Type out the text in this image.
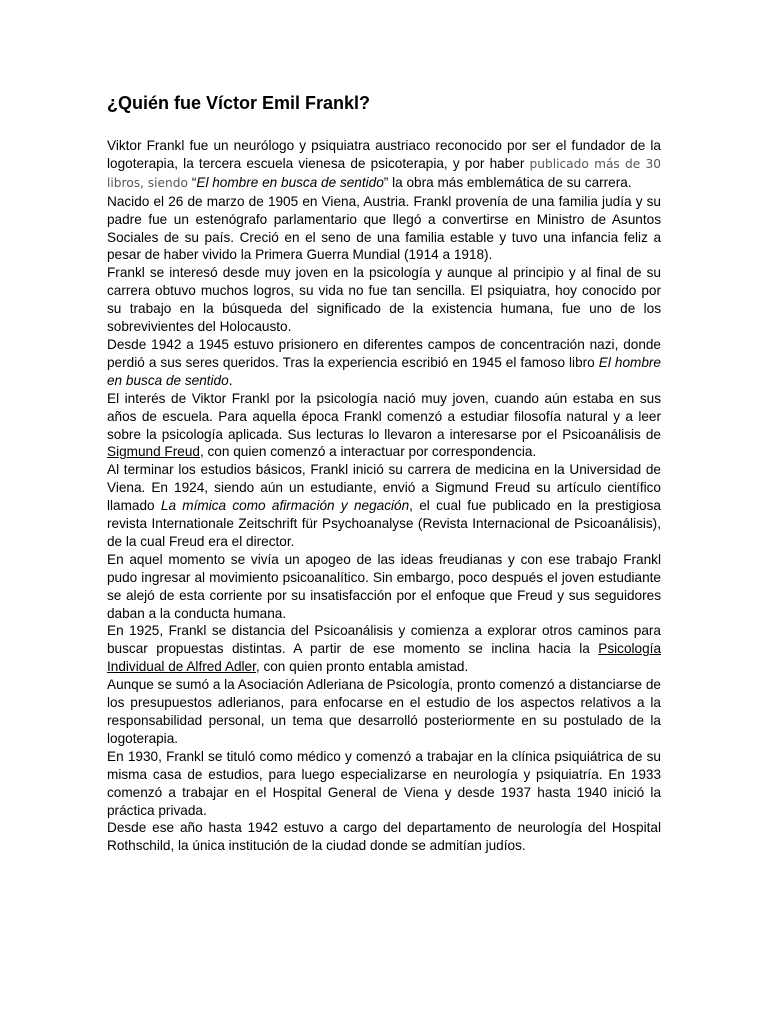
¿Quién fue Víctor Emil Frankl?

Viktor Frankl fue un neurólogo y psiquiatra austriaco reconocido por ser el fundador de la logoterapia, la tercera escuela vienesa de psicoterapia, y por haber publicado más de 30 libros, siendo “El hombre en busca de sentido” la obra más emblemática de su carrera.

Nacido el 26 de marzo de 1905 en Viena, Austria. Frankl provenía de una familia judía y su padre fue un estenógrafo parlamentario que llegó a convertirse en Ministro de Asuntos Sociales de su país. Creció en el seno de una familia estable y tuvo una infancia feliz a pesar de haber vivido la Primera Guerra Mundial (1914 a 1918).

Frankl se interesó desde muy joven en la psicología y aunque al principio y al final de su carrera obtuvo muchos logros, su vida no fue tan sencilla. El psiquiatra, hoy conocido por su trabajo en la búsqueda del significado de la existencia humana, fue uno de los sobrevivientes del Holocausto.

Desde 1942 a 1945 estuvo prisionero en diferentes campos de concentración nazi, donde perdió a sus seres queridos. Tras la experiencia escribió en 1945 el famoso libro El hombre en busca de sentido.

El interés de Viktor Frankl por la psicología nació muy joven, cuando aún estaba en sus años de escuela. Para aquella época Frankl comenzó a estudiar filosofía natural y a leer sobre la psicología aplicada. Sus lecturas lo llevaron a interesarse por el Psicoanálisis de Sigmund Freud, con quien comenzó a interactuar por correspondencia.

Al terminar los estudios básicos, Frankl inició su carrera de medicina en la Universidad de Viena. En 1924, siendo aún un estudiante, envió a Sigmund Freud su artículo científico llamado La mímica como afirmación y negación, el cual fue publicado en la prestigiosa revista Internationale Zeitschrift für Psychoanalyse (Revista Internacional de Psicoanálisis), de la cual Freud era el director.

En aquel momento se vivía un apogeo de las ideas freudianas y con ese trabajo Frankl pudo ingresar al movimiento psicoanalítico. Sin embargo, poco después el joven estudiante se alejó de esta corriente por su insatisfacción por el enfoque que Freud y sus seguidores daban a la conducta humana.

En 1925, Frankl se distancia del Psicoanálisis y comienza a explorar otros caminos para buscar propuestas distintas. A partir de ese momento se inclina hacia la Psicología Individual de Alfred Adler, con quien pronto entabla amistad.

Aunque se sumó a la Asociación Adleriana de Psicología, pronto comenzó a distanciarse de los presupuestos adlerianos, para enfocarse en el estudio de los aspectos relativos a la responsabilidad personal, un tema que desarrolló posteriormente en su postulado de la logoterapia.

En 1930, Frankl se tituló como médico y comenzó a trabajar en la clínica psiquiátrica de su misma casa de estudios, para luego especializarse en neurología y psiquiatría. En 1933 comenzó a trabajar en el Hospital General de Viena y desde 1937 hasta 1940 inició la práctica privada.

Desde ese año hasta 1942 estuvo a cargo del departamento de neurología del Hospital Rothschild, la única institución de la ciudad donde se admitían judíos.
